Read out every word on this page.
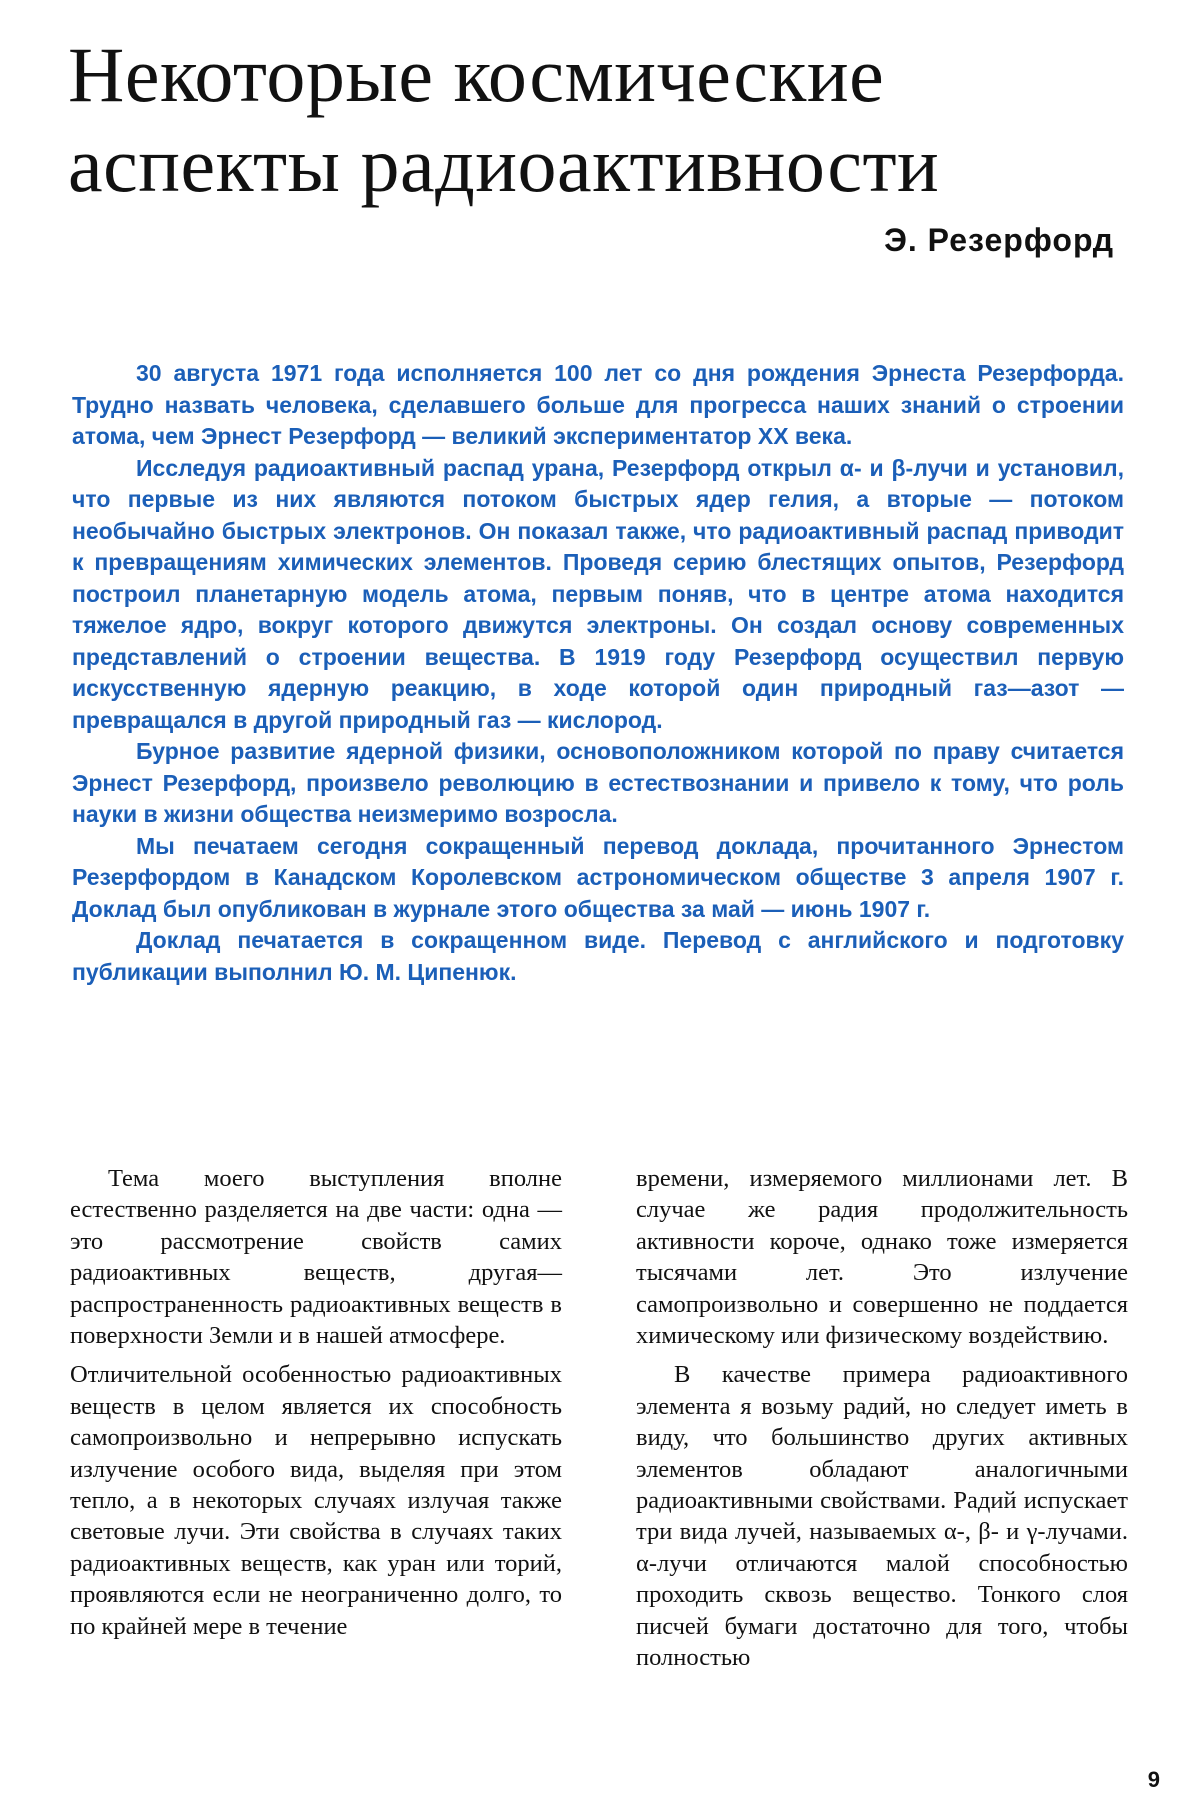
Некоторые космические
аспекты радиоактивности
Э. Резерфорд

30 августа 1971 года исполняется 100 лет со дня рождения Эрнеста Резерфорда. Трудно назвать человека, сделавшего больше для прогресса наших знаний о строении атома, чем Эрнест Резерфорд — великий экспериментатор XX века.

Исследуя радиоактивный распад урана, Резерфорд открыл α- и β-лучи и установил, что первые из них являются потоком быстрых ядер гелия, а вторые — потоком необычайно быстрых электронов. Он показал также, что радиоактивный распад приводит к превращениям химических элементов. Проведя серию блестящих опытов, Резерфорд построил планетарную модель атома, первым поняв, что в центре атома находится тяжелое ядро, вокруг которого движутся электроны. Он создал основу современных представлений о строении вещества. В 1919 году Резерфорд осуществил первую искусственную ядерную реакцию, в ходе которой один природный газ—азот — превращался в другой природный газ — кислород.

Бурное развитие ядерной физики, основоположником которой по праву считается Эрнест Резерфорд, произвело революцию в естествознании и привело к тому, что роль науки в жизни общества неизмеримо возросла.

Мы печатаем сегодня сокращенный перевод доклада, прочитанного Эрнестом Резерфордом в Канадском Королевском астрономическом обществе 3 апреля 1907 г. Доклад был опубликован в журнале этого общества за май — июнь 1907 г.

Доклад печатается в сокращенном виде. Перевод с английского и подготовку публикации выполнил Ю. М. Ципенюк.

Тема моего выступления вполне естественно разделяется на две части: одна — это рассмотрение свойств самих радиоактивных веществ, другая— распространенность радиоактивных веществ в поверхности Земли и в нашей атмосфере.

Отличительной особенностью радиоактивных веществ в целом является их способность самопроизвольно и непрерывно испускать излучение особого вида, выделяя при этом тепло, а в некоторых случаях излучая также световые лучи. Эти свойства в случаях таких радиоактивных веществ, как уран или торий, проявляются если не неограниченно долго, то по крайней мере в течение

времени, измеряемого миллионами лет. В случае же радия продолжительность активности короче, однако тоже измеряется тысячами лет. Это излучение самопроизвольно и совершенно не поддается химическому или физическому воздействию.

В качестве примера радиоактивного элемента я возьму радий, но следует иметь в виду, что большинство других активных элементов обладают аналогичными радиоактивными свойствами. Радий испускает три вида лучей, называемых α-, β- и γ-лучами. α-лучи отличаются малой способностью проходить сквозь вещество. Тонкого слоя писчей бумаги достаточно для того, чтобы полностью

9
